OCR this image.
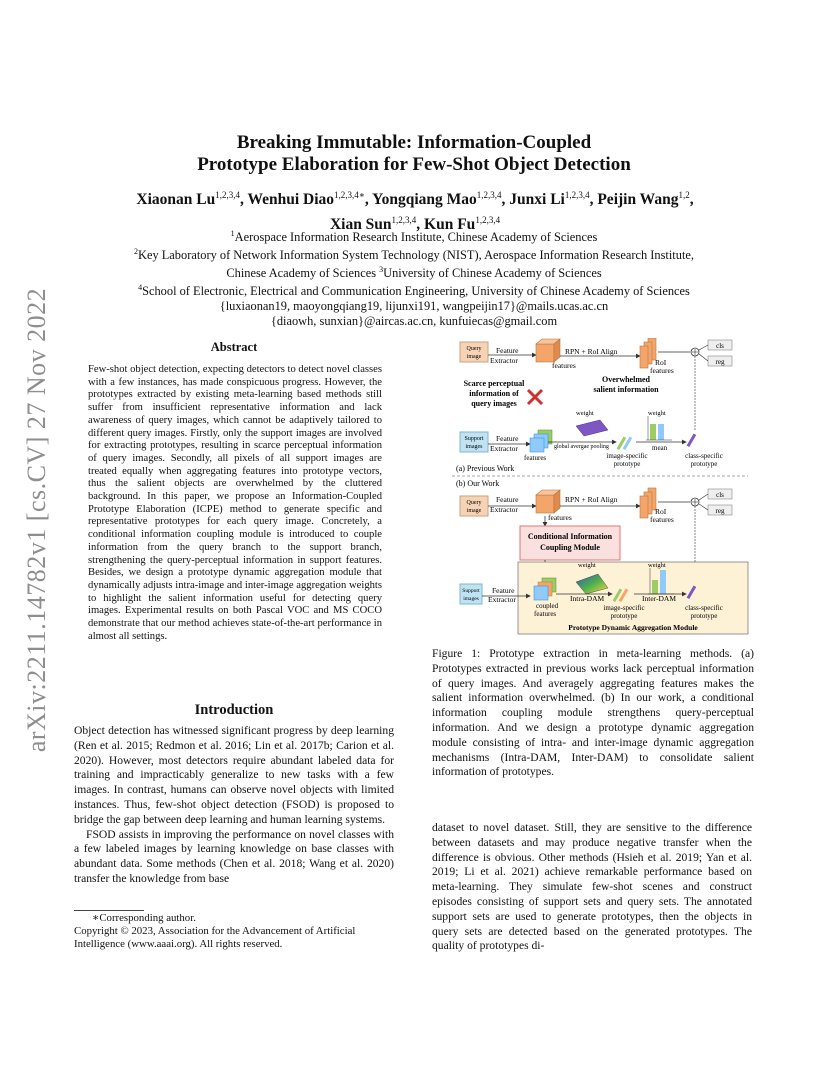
arXiv:2211.14782v1 [cs.CV] 27 Nov 2022
Breaking Immutable: Information-Coupled
Prototype Elaboration for Few-Shot Object Detection
Xiaonan Lu$^{1,2,3,4}$, Wenhui Diao$^{1,2,3,4∗}$, Yongqiang Mao$^{1,2,3,4}$, Junxi Li$^{1,2,3,4}$, Peijin Wang$^{1,2}$,
Xian Sun$^{1,2,3,4}$, Kun Fu$^{1,2,3,4}$
$^1$Aerospace Information Research Institute, Chinese Academy of Sciences
$^2$Key Laboratory of Network Information System Technology (NIST), Aerospace Information Research Institute,
Chinese Academy of Sciences $^3$University of Chinese Academy of Sciences
$^4$School of Electronic, Electrical and Communication Engineering, University of Chinese Academy of Sciences
{luxiaonan19, maoyongqiang19, lijunxi191, wangpeijin17}@mails.ucas.ac.cn
{diaowh, sunxian}@aircas.ac.cn, kunfuiecas@gmail.com
Abstract
Few-shot object detection, expecting detectors to detect novel classes with a few instances, has made conspicuous progress. However, the prototypes extracted by existing meta-learning based methods still suffer from insufficient representative information and lack awareness of query images, which cannot be adaptively tailored to different query images. Firstly, only the support images are involved for extracting prototypes, resulting in scarce perceptual information of query images. Secondly, all pixels of all support images are treated equally when aggregating features into prototype vectors, thus the salient objects are overwhelmed by the cluttered background. In this paper, we propose an Information-Coupled Prototype Elaboration (ICPE) method to generate specific and representative prototypes for each query image. Concretely, a conditional information coupling module is introduced to couple information from the query branch to the support branch, strengthening the query-perceptual information in support features. Besides, we design a prototype dynamic aggregation module that dynamically adjusts intra-image and inter-image aggregation weights to highlight the salient information useful for detecting query images. Experimental results on both Pascal VOC and MS COCO demonstrate that our method achieves state-of-the-art performance in almost all settings.
Introduction

Object detection has witnessed significant progress by deep learning (Ren et al. 2015; Redmon et al. 2016; Lin et al. 2017b; Carion et al. 2020). However, most detectors require abundant labeled data for training and impracticably generalize to new tasks with a few images. In contrast, humans can observe novel objects with limited instances. Thus, few-shot object detection (FSOD) is proposed to bridge the gap between deep learning and human learning systems.

FSOD assists in improving the performance on novel classes with a few labeled images by learning knowledge on base classes with abundant data. Some methods (Chen et al. 2018; Wang et al. 2020) transfer the knowledge from base

∗Corresponding author.
Copyright © 2023, Association for the Advancement of Artificial Intelligence (www.aaai.org). All rights reserved.
Query
image
Feature
Extractor
features
RPN + RoI Align
RoI
features
cls
reg
Scarce perceptual
information of
query images
Overwhelmed
salient information
weight	weight
Support
images
Feature
Extractor
features
global avergae pooling
image-specific
prototype
mean
class-specific
prototype
(a) Previous Work
(b) Our Work
Query
image
Feature
Extractor
features
RPN + RoI Align
RoI
features
cls
reg
Conditional Information
Coupling Module
Support
images
Feature
Extractor
coupled
features
weight
Intra-DAM
image-specific
prototype
weight
Inter-DAM
class-specific
prototype
Prototype Dynamic Aggregation Module
Figure 1: Prototype extraction in meta-learning methods. (a) Prototypes extracted in previous works lack perceptual information of query images. And averagely aggregating features makes the salient information overwhelmed. (b) In our work, a conditional information coupling module strengthens query-perceptual information. And we design a prototype dynamic aggregation module consisting of intra- and inter-image dynamic aggregation mechanisms (Intra-DAM, Inter-DAM) to consolidate salient information of prototypes.
dataset to novel dataset. Still, they are sensitive to the difference between datasets and may produce negative transfer when the difference is obvious. Other methods (Hsieh et al. 2019; Yan et al. 2019; Li et al. 2021) achieve remarkable performance based on meta-learning. They simulate few-shot scenes and construct episodes consisting of support sets and query sets. The annotated support sets are used to generate prototypes, then the objects in query sets are detected based on the generated prototypes. The quality of prototypes di-
